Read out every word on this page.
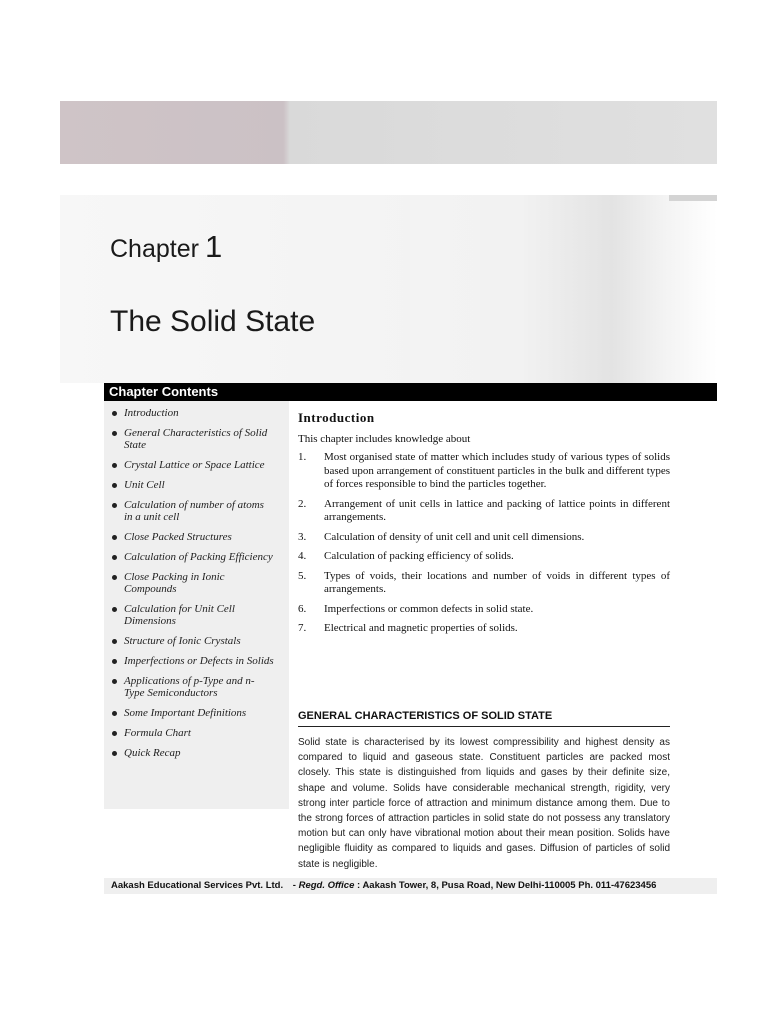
Chapter 1
The Solid State
Chapter Contents
Introduction
General Characteristics of Solid State
Crystal Lattice or Space Lattice
Unit Cell
Calculation of number of atoms in a unit cell
Close Packed Structures
Calculation of Packing Efficiency
Close Packing in Ionic Compounds
Calculation for Unit Cell Dimensions
Structure of Ionic Crystals
Imperfections or Defects in Solids
Applications of p-Type and n-Type Semiconductors
Some Important Definitions
Formula Chart
Quick Recap
Introduction
This chapter includes knowledge about
1. Most organised state of matter which includes study of various types of solids based upon arrangement of constituent particles in the bulk and different types of forces responsible to bind the particles together.
2. Arrangement of unit cells in lattice and packing of lattice points in different arrangements.
3. Calculation of density of unit cell and unit cell dimensions.
4. Calculation of packing efficiency of solids.
5. Types of voids, their locations and number of voids in different types of arrangements.
6. Imperfections or common defects in solid state.
7. Electrical and magnetic properties of solids.
GENERAL CHARACTERISTICS OF SOLID STATE

Solid state is characterised by its lowest compressibility and highest density as compared to liquid and gaseous state. Constituent particles are packed most closely. This state is distinguished from liquids and gases by their definite size, shape and volume. Solids have considerable mechanical strength, rigidity, very strong inter particle force of attraction and minimum distance among them. Due to the strong forces of attraction particles in solid state do not possess any translatory motion but can only have vibrational motion about their mean position. Solids have negligible fluidity as compared to liquids and gases. Diffusion of particles of solid state is negligible.

Aakash Educational Services Pvt. Ltd. - Regd. Office : Aakash Tower, 8, Pusa Road, New Delhi-110005 Ph. 011-47623456
